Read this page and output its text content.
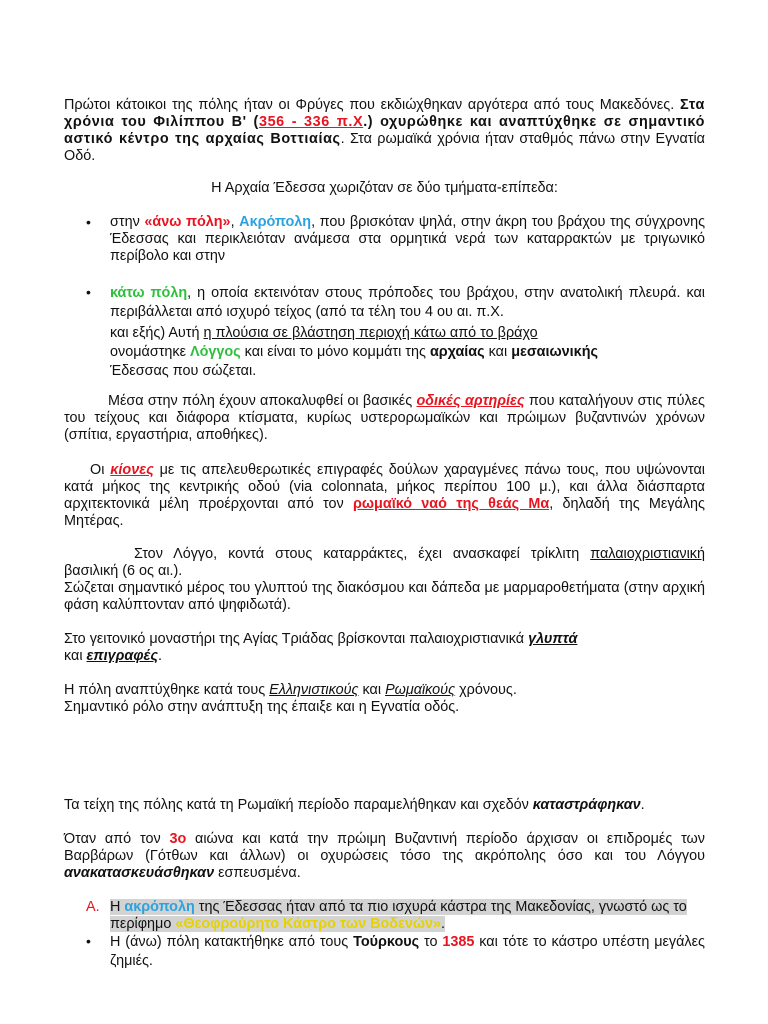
Πρώτοι κάτοικοι της πόλης ήταν οι Φρύγες που εκδιώχθηκαν αργότερα από τους Μακεδόνες. Στα χρόνια του Φιλίππου Β' (356 - 336 π.Χ.) οχυρώθηκε και αναπτύχθηκε σε σημαντικό αστικό κέντρο της αρχαίας Βοττιαίας. Στα ρωμαϊκά χρόνια ήταν σταθμός πάνω στην Εγνατία Οδό.
Η Αρχαία Έδεσσα χωριζόταν σε δύο τμήματα-επίπεδα:
• στην «άνω πόλη», Ακρόπολη, που βρισκόταν ψηλά, στην άκρη του βράχου της σύγχρονης Έδεσσας και περικλειόταν ανάμεσα στα ορμητικά νερά των καταρρακτών με τριγωνικό περίβολο και στην
• κάτω πόλη, η οποία εκτεινόταν στους πρόποδες του βράχου, στην ανατολική πλευρά. και περιβάλλεται από ισχυρό τείχος (από τα τέλη του 4 ου αι. π.Χ.
και εξής) Αυτή η πλούσια σε βλάστηση περιοχή κάτω από το βράχο
ονομάστηκε Λόγγος και είναι το μόνο κομμάτι της αρχαίας και μεσαιωνικής
Έδεσσας που σώζεται.
Μέσα στην πόλη έχουν αποκαλυφθεί οι βασικές οδικές αρτηρίες που καταλήγουν στις πύλες του τείχους και διάφορα κτίσματα, κυρίως υστερορωμαϊκών και πρώιμων βυζαντινών χρόνων (σπίτια, εργαστήρια, αποθήκες).
Οι κίονες με τις απελευθερωτικές επιγραφές δούλων χαραγμένες πάνω τους, που υψώνονται κατά μήκος της κεντρικής οδού (via colonnata, μήκος περίπου 100 μ.), και άλλα διάσπαρτα αρχιτεκτονικά μέλη προέρχονται από τον ρωμαϊκό ναό της θεάς Μα, δηλαδή της Μεγάλης Μητέρας.
Στον Λόγγο, κοντά στους καταρράκτες, έχει ανασκαφεί τρίκλιτη παλαιοχριστιανική βασιλική (6 ος αι.).
Σώζεται σημαντικό μέρος του γλυπτού της διακόσμου και δάπεδα με μαρμαροθετήματα (στην αρχική φάση καλύπτονταν από ψηφιδωτά).
Στο γειτονικό μοναστήρι της Αγίας Τριάδας βρίσκονται παλαιοχριστιανικά γλυπτά
και επιγραφές.
Η πόλη αναπτύχθηκε κατά τους Ελληνιστικούς και Ρωμαϊκούς χρόνους.
Σημαντικό ρόλο στην ανάπτυξη της έπαιξε και η Εγνατία οδός.
Τα τείχη της πόλης κατά τη Ρωμαϊκή περίοδο παραμελήθηκαν και σχεδόν καταστράφηκαν.
Όταν από τον 3ο αιώνα και κατά την πρώιμη Βυζαντινή περίοδο άρχισαν οι επιδρομές των Βαρβάρων (Γότθων και άλλων) οι οχυρώσεις τόσο της ακρόπολης όσο και του Λόγγου ανακατασκευάσθηκαν εσπευσμένα.
A. Η ακρόπολη της Έδεσσας ήταν από τα πιο ισχυρά κάστρα της Μακεδονίας, γνωστό ως το περίφημο «Θεοφρούρητο Κάστρο των Βοδενών».
• Η (άνω) πόλη κατακτήθηκε από τους Τούρκους το 1385 και τότε το κάστρο υπέστη μεγάλες ζημιές.
